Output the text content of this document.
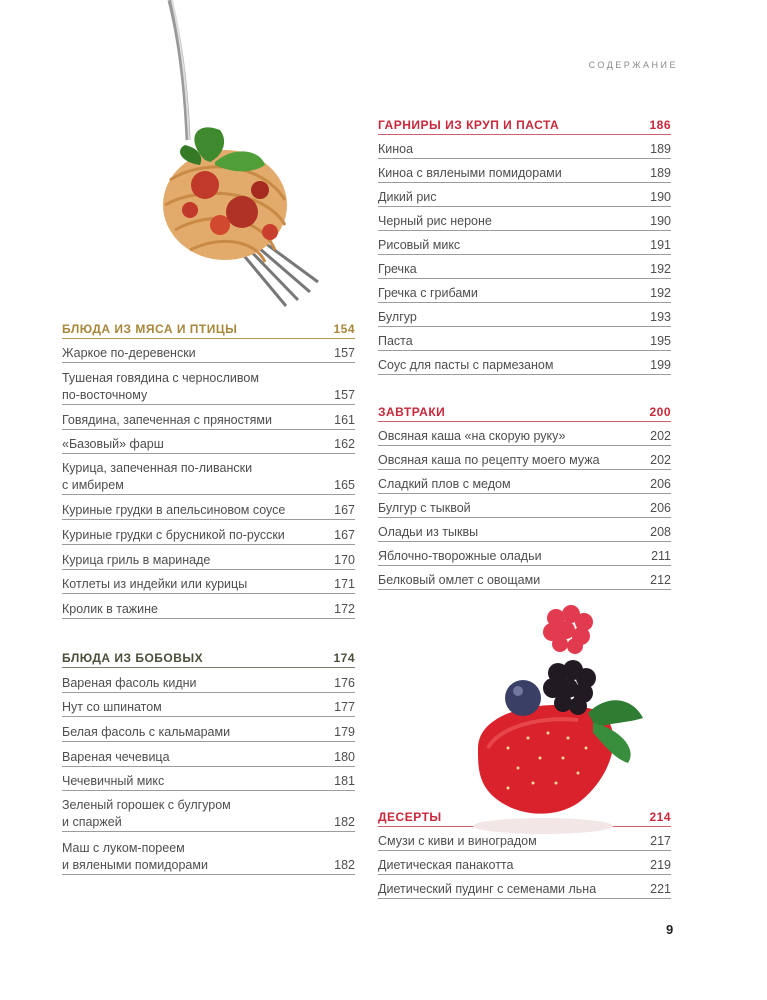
СОДЕРЖАНИЕ
БЛЮДА ИЗ МЯСА И ПТИЦЫ	154
Жаркое по-деревенски	157
Тушеная говядина с черносливом
по-восточному	157
Говядина, запеченная с пряностями	161
«Базовый» фарш	162
Курица, запеченная по-ливански
с имбирем	165
Куриные грудки в апельсиновом соусе	167
Куриные грудки с брусникой по-русски	167
Курица гриль в маринаде	170
Котлеты из индейки или курицы	171
Кролик в тажине	172
БЛЮДА ИЗ БОБОВЫХ	174
Вареная фасоль кидни	176
Нут со шпинатом	177
Белая фасоль с кальмарами	179
Вареная чечевица	180
Чечевичный микс	181
Зеленый горошек с булгуром
и спаржей	182
Маш с луком-пореем
и вялеными помидорами	182
ГАРНИРЫ ИЗ КРУП И ПАСТА	186
Киноа	189
Киноа с вялеными помидорами	189
Дикий рис	190
Черный рис нероне	190
Рисовый микс	191
Гречка	192
Гречка с грибами	192
Булгур	193
Паста	195
Соус для пасты с пармезаном	199
ЗАВТРАКИ	200
Овсяная каша «на скорую руку»	202
Овсяная каша по рецепту моего мужа	202
Сладкий плов с медом	206
Булгур с тыквой	206
Оладьи из тыквы	208
Яблочно-творожные оладьи	211
Белковый омлет с овощами	212
ДЕСЕРТЫ	214
Смузи с киви и виноградом	217
Диетическая панакотта	219
Диетический пудинг с семенами льна	221
9
